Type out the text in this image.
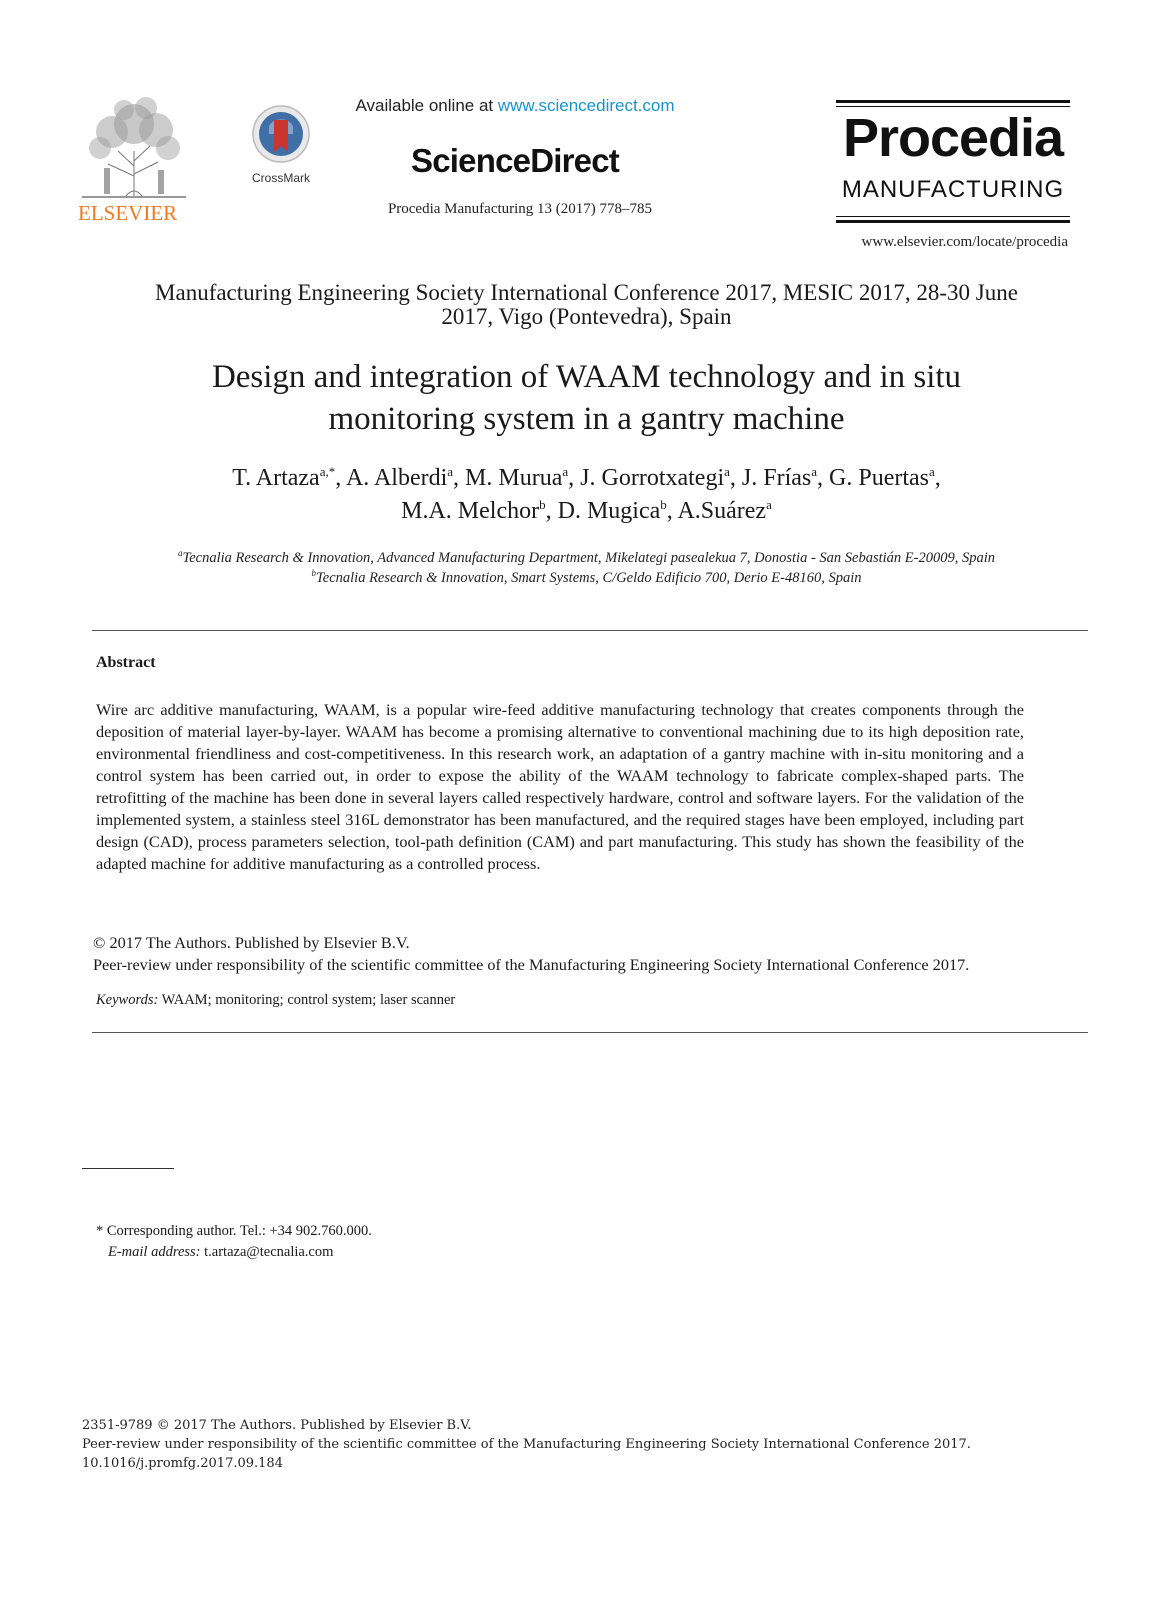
ELSEVIER
CrossMark
Available online at www.sciencedirect.com
ScienceDirect
Procedia Manufacturing 13 (2017) 778–785
Procedia
MANUFACTURING
www.elsevier.com/locate/procedia
Manufacturing Engineering Society International Conference 2017, MESIC 2017, 28-30 June
2017, Vigo (Pontevedra), Spain
Design and integration of WAAM technology and in situ
monitoring system in a gantry machine
T. Artaza$^{a,*}$, A. Alberdi$^a$, M. Murua$^a$, J. Gorrotxategi$^a$, J. Frías$^a$, G. Puertas$^a$,
M.A. Melchor$^b$, D. Mugica$^b$, A.Suárez$^a$
$^a$Tecnalia Research & Innovation, Advanced Manufacturing Department, Mikelategi pasealekua 7, Donostia - San Sebastián E-20009, Spain
$^b$Tecnalia Research & Innovation, Smart Systems, C/Geldo Edificio 700, Derio E-48160, Spain
Abstract
Wire arc additive manufacturing, WAAM, is a popular wire-feed additive manufacturing technology that creates components through the deposition of material layer-by-layer. WAAM has become a promising alternative to conventional machining due to its high deposition rate, environmental friendliness and cost-competitiveness. In this research work, an adaptation of a gantry machine with in-situ monitoring and a control system has been carried out, in order to expose the ability of the WAAM technology to fabricate complex-shaped parts. The retrofitting of the machine has been done in several layers called respectively hardware, control and software layers. For the validation of the implemented system, a stainless steel 316L demonstrator has been manufactured, and the required stages have been employed, including part design (CAD), process parameters selection, tool-path definition (CAM) and part manufacturing. This study has shown the feasibility of the adapted machine for additive manufacturing as a controlled process.
© 2017 The Authors. Published by Elsevier B.V.
Peer-review under responsibility of the scientific committee of the Manufacturing Engineering Society International Conference 2017.
Keywords: WAAM; monitoring; control system; laser scanner
* Corresponding author. Tel.: +34 902.760.000.
E-mail address: t.artaza@tecnalia.com
2351-9789 © 2017 The Authors. Published by Elsevier B.V.
Peer-review under responsibility of the scientific committee of the Manufacturing Engineering Society International Conference 2017.
10.1016/j.promfg.2017.09.184
